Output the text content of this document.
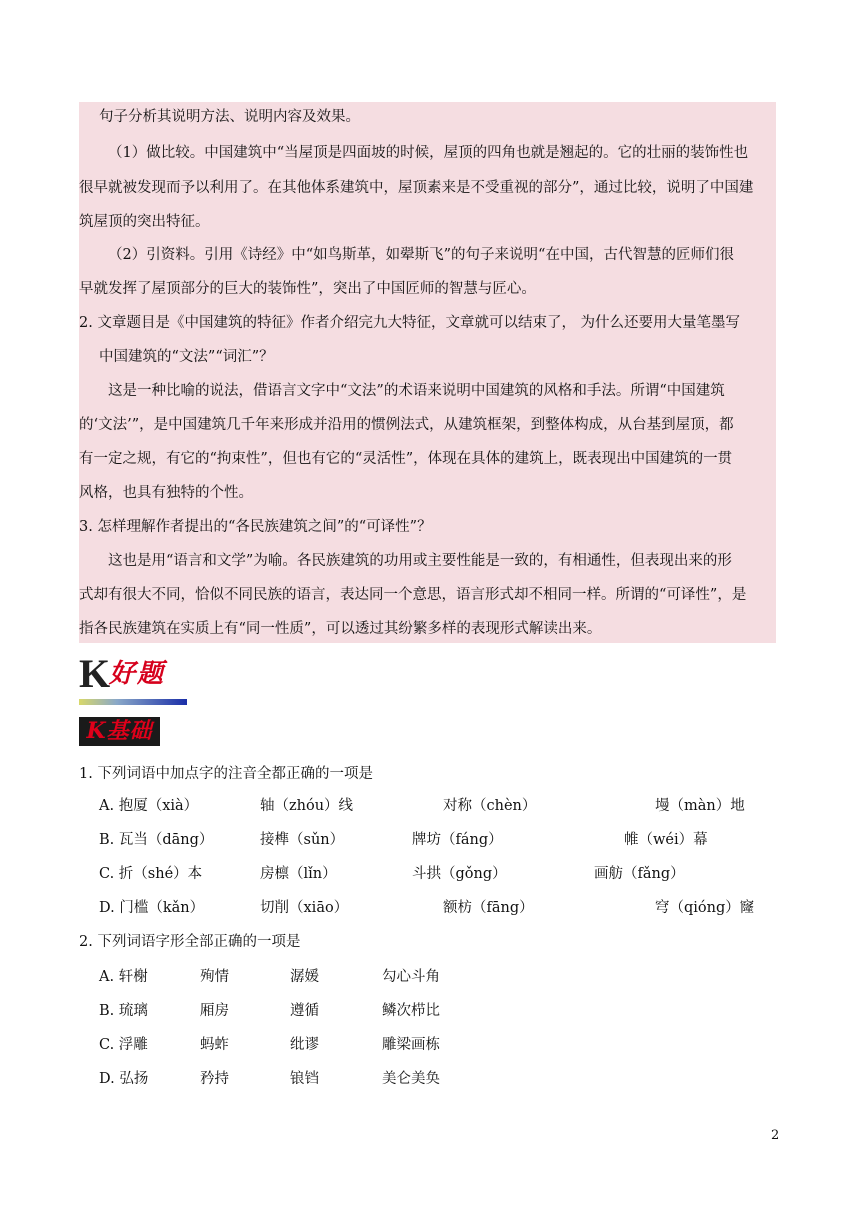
句子分析其说明方法、说明内容及效果。
（1）做比较。中国建筑中“当屋顶是四面坡的时候，屋顶的四角也就是翘起的。它的壮丽的装饰性也
很早就被发现而予以利用了。在其他体系建筑中，屋顶素来是不受重视的部分”，通过比较，说明了中国建
筑屋顶的突出特征。
（2）引资料。引用《诗经》中“如鸟斯革，如翚斯飞”的句子来说明“在中国，古代智慧的匠师们很
早就发挥了屋顶部分的巨大的装饰性”，突出了中国匠师的智慧与匠心。
2. 文章题目是《中国建筑的特征》作者介绍完九大特征，文章就可以结束了， 为什么还要用大量笔墨写
中国建筑的“文法”“词汇”？
这是一种比喻的说法，借语言文字中“文法”的术语来说明中国建筑的风格和手法。所谓“中国建筑
的‘文法’”，是中国建筑几千年来形成并沿用的惯例法式，从建筑框架，到整体构成，从台基到屋顶，都
有一定之规，有它的“拘束性”，但也有它的“灵活性”，体现在具体的建筑上，既表现出中国建筑的一贯
风格，也具有独特的个性。
3. 怎样理解作者提出的“各民族建筑之间”的“可译性”？
这也是用“语言和文学”为喻。各民族建筑的功用或主要性能是一致的，有相通性，但表现出来的形
式却有很大不同，恰似不同民族的语言，表达同一个意思，语言形式却不相同一样。所谓的“可译性”，是
指各民族建筑在实质上有“同一性质”，可以透过其纷繁多样的表现形式解读出来。
K
好题
K基础
1. 下列词语中加点字的注音全都正确的一项是
A. 抱厦（xià）	轴（zhóu）线	对称（chèn）	墁（màn）地
B. 瓦当（dāng）	接榫（sǔn）	牌坊（fáng）	帷（wéi）幕
C. 折（shé）本	房檩（lǐn）	斗拱（gǒng）	画舫（fǎng）
D. 门槛（kǎn）	切削（xiāo）	额枋（fāng）	穹（qióng）窿
2. 下列词语字形全部正确的一项是
A. 轩榭	殉情	潺媛	勾心斗角
B. 琉璃	厢房	遵循	鳞次栉比
C. 浮雕	蚂蚱	纰谬	雕梁画栋
D. 弘扬	矜持	锒铛	美仑美奂
2
